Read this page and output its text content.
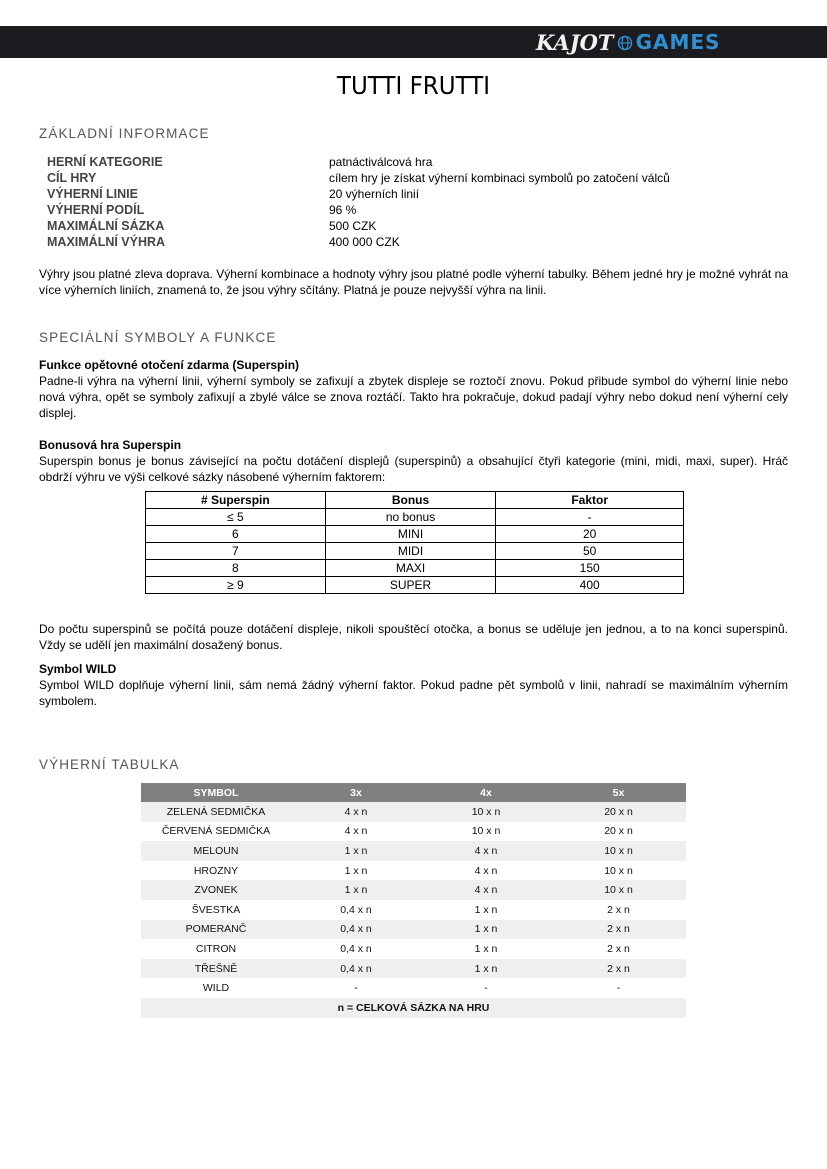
KAJOT GAMES
TUTTI FRUTTI
ZÁKLADNÍ INFORMACE
HERNÍ KATEGORIE	patnáctiválcová hra
CÍL HRY	cílem hry je získat výherní kombinaci symbolů po zatočení válců
VÝHERNÍ LINIE	20 výherních linií
VÝHERNÍ PODÍL	96 %
MAXIMÁLNÍ SÁZKA	500 CZK
MAXIMÁLNÍ VÝHRA	400 000 CZK

Výhry jsou platné zleva doprava. Výherní kombinace a hodnoty výhry jsou platné podle výherní tabulky. Během jedné hry je možné vyhrát na více výherních liniích, znamená to, že jsou výhry sčítány. Platná je pouze nejvyšší výhra na linii.

SPECIÁLNÍ SYMBOLY A FUNKCE
Funkce opětovné otočení zdarma (Superspin)
Padne-li výhra na výherní linii, výherní symboly se zafixují a zbytek displeje se roztočí znovu. Pokud přibude symbol do výherní linie nebo nová výhra, opět se symboly zafixují a zbylé válce se znova roztáčí. Takto hra pokračuje, dokud padají výhry nebo dokud není výherní cely displej.
Bonusová hra Superspin
Superspin bonus je bonus závisející na počtu dotáčení displejů (superspinů) a obsahující čtyři kategorie (mini, midi, maxi, super). Hráč obdrží výhru ve výši celkové sázky násobené výherním faktorem:
# Superspin	Bonus	Faktor
≤ 5	no bonus	-
6	MINI	20
7	MIDI	50
8	MAXI	150
≥ 9	SUPER	400

Do počtu superspinů se počítá pouze dotáčení displeje, nikoli spouštěcí otočka, a bonus se uděluje jen jednou, a to na konci superspinů. Vždy se udělí jen maximální dosažený bonus.

Symbol WILD
Symbol WILD doplňuje výherní linii, sám nemá žádný výherní faktor. Pokud padne pět symbolů v linii, nahradí se maximálním výherním symbolem.
VÝHERNÍ TABULKA
SYMBOL	3x	4x	5x
ZELENÁ SEDMIČKA	4 x n	10 x n	20 x n
ČERVENÁ SEDMIČKA	4 x n	10 x n	20 x n
MELOUN	1 x n	4 x n	10 x n
HROZNY	1 x n	4 x n	10 x n
ZVONEK	1 x n	4 x n	10 x n
ŠVESTKA	0,4 x n	1 x n	2 x n
POMERANČ	0,4 x n	1 x n	2 x n
CITRON	0,4 x n	1 x n	2 x n
TŘEŠNĚ	0,4 x n	1 x n	2 x n
WILD	-	-	-
n = CELKOVÁ SÁZKA NA HRU			
